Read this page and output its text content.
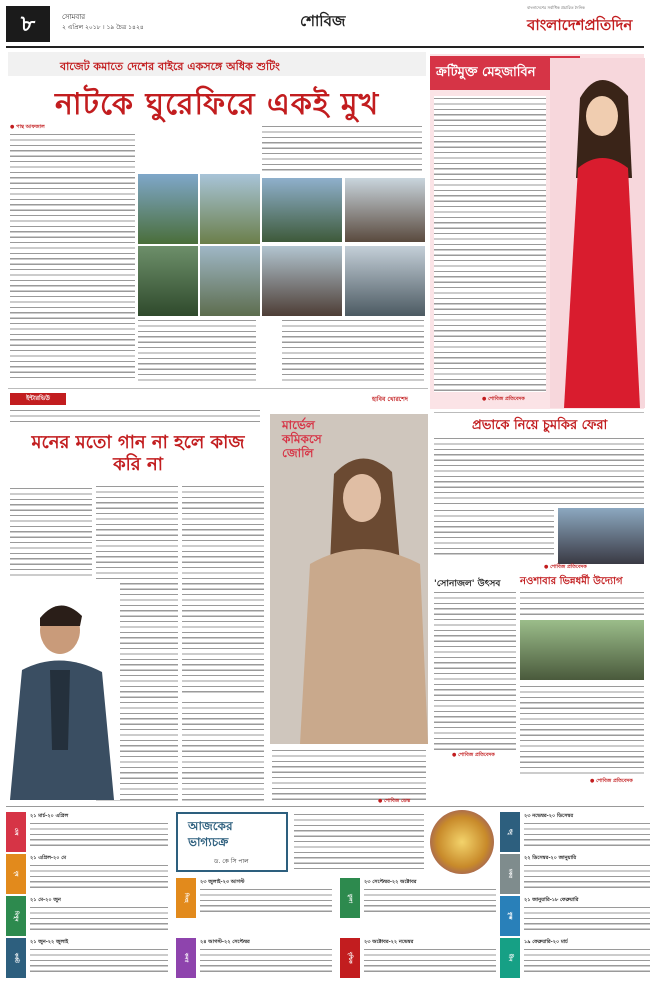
৮	সোমবার
২ এপ্রিল ২০১৮ । ১৯ চৈত্র ১৪২৪	শোবিজ
বাংলাদেশের সর্বাধিক প্রচারিত দৈনিক
বাংলাদেশপ্রতিদিন
বাজেট কমাতে দেশের বাইরে একসঙ্গে অধিক শুটিং
নাটকে ঘুরেফিরে একই মুখ
● পান্থ আফজাল
ক্রটিমুক্ত মেহজাবিন
● শোবিজ প্রতিবেদক
ইন্টারভিউ	হাবিব খোরশেদ
মনের মতো গান না হলে কাজ করি না
মার্ভেল
কমিকসে
জোলি
● শোবিজ ডেস্ক
প্রভাকে নিয়ে চুমকির ফেরা
● শোবিজ প্রতিবেদক
'সোনাজল' উৎসব
● শোবিজ প্রতিবেদক
নওশাবার ভিন্নধর্মী উদ্যোগ
● শোবিজ প্রতিবেদক
আজকের
ভাগ্যচক্র
ড. কে সি পাল
মেষ
২১ মার্চ-২০ এপ্রিল
বৃষ
২১ এপ্রিল-২০ মে
মিথুন
২১ মে-২০ জুন
কর্কট
২১ জুন-২২ জুলাই
সিংহ
২৩ জুলাই-২৩ আগস্ট
কন্যা
২৪ আগস্ট-২২ সেপ্টেম্বর
তুলা
২৩ সেপ্টেম্বর-২২ অক্টোবর
বৃশ্চিক
২৩ অক্টোবর-২২ নভেম্বর
ধনু
২৩ নভেম্বর-২০ ডিসেম্বর
মকর
২২ ডিসেম্বর-২০ জানুয়ারি
কুম্ভ
২১ জানুয়ারি-১৮ ফেব্রুয়ারি
মীন
১৯ ফেব্রুয়ারি-২০ মার্চ
